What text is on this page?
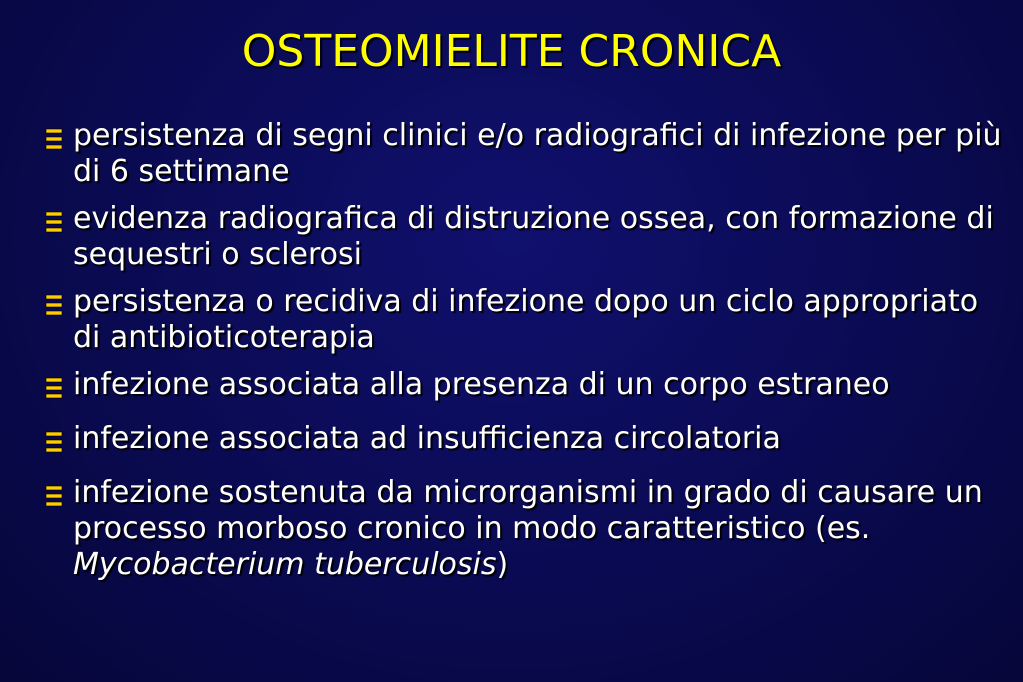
OSTEOMIELITE CRONICA
persistenza di segni clinici e/o radiografici di infezione per più di 6 settimane
evidenza radiografica di distruzione ossea, con formazione di sequestri o sclerosi
persistenza o recidiva di infezione dopo un ciclo appropriato di antibioticoterapia
infezione associata alla presenza di un corpo estraneo
infezione associata ad insufficienza circolatoria
infezione sostenuta da microrganismi in grado di causare un processo morboso cronico in modo caratteristico (es. Mycobacterium tuberculosis)
